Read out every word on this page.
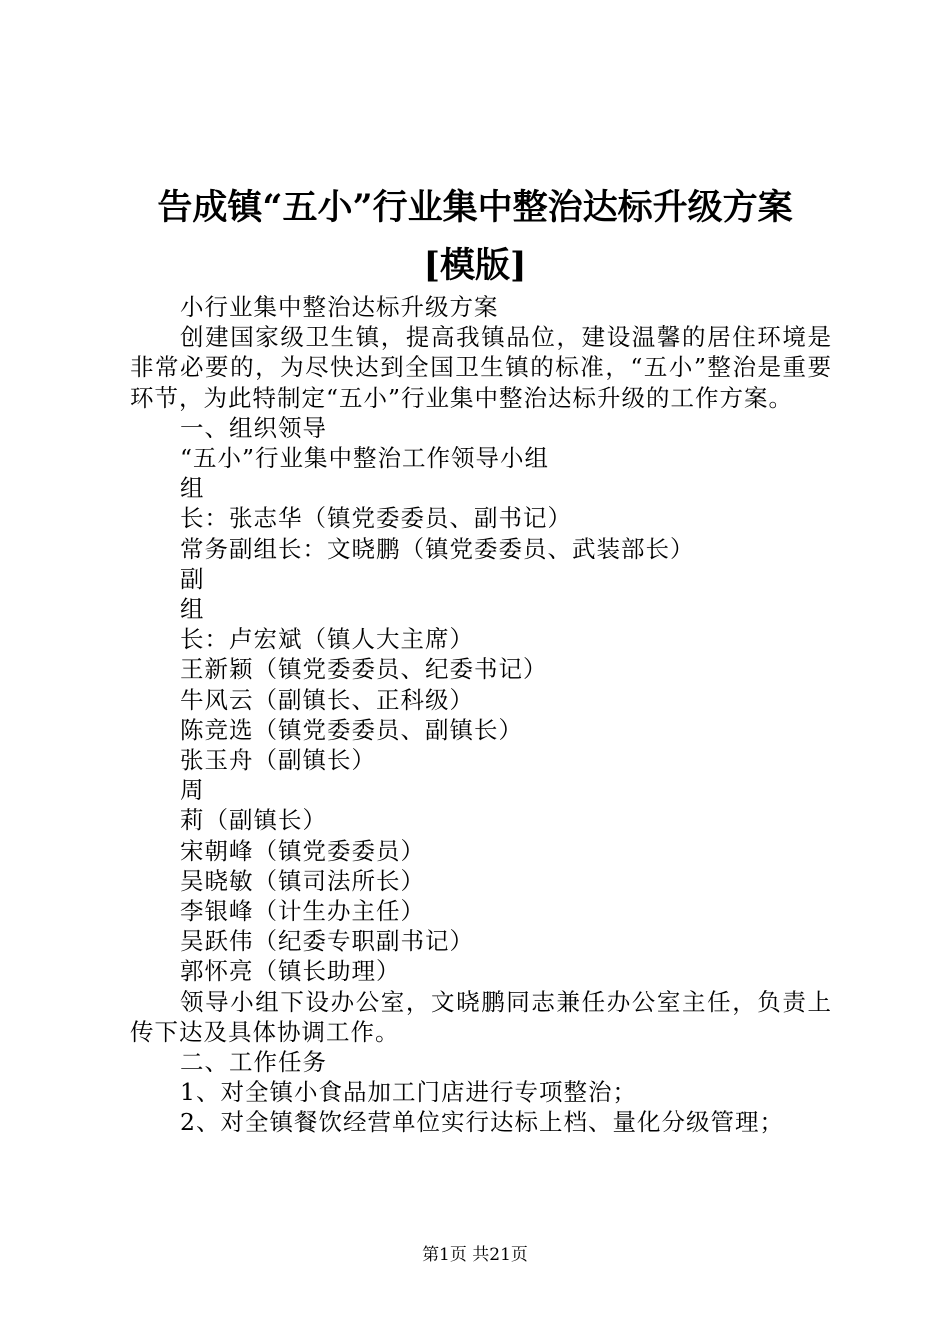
告成镇“五小”行业集中整治达标升级方案
[模版]

小行业集中整治达标升级方案

创建国家级卫生镇，提高我镇品位，建设温馨的居住环境是非常必要的，为尽快达到全国卫生镇的标准，“五小”整治是重要环节，为此特制定“五小”行业集中整治达标升级的工作方案。

一、组织领导

“五小”行业集中整治工作领导小组

组

长：张志华（镇党委委员、副书记）

常务副组长：文晓鹏（镇党委委员、武装部长）

副

组

长：卢宏斌（镇人大主席）

王新颖（镇党委委员、纪委书记）

牛风云（副镇长、正科级）

陈竞选（镇党委委员、副镇长）

张玉舟（副镇长）

周

莉（副镇长）

宋朝峰（镇党委委员）

吴晓敏（镇司法所长）

李银峰（计生办主任）

吴跃伟（纪委专职副书记）

郭怀亮（镇长助理）

领导小组下设办公室，文晓鹏同志兼任办公室主任，负责上传下达及具体协调工作。

二、工作任务

1、对全镇小食品加工门店进行专项整治；

2、对全镇餐饮经营单位实行达标上档、量化分级管理；

第1页 共21页
